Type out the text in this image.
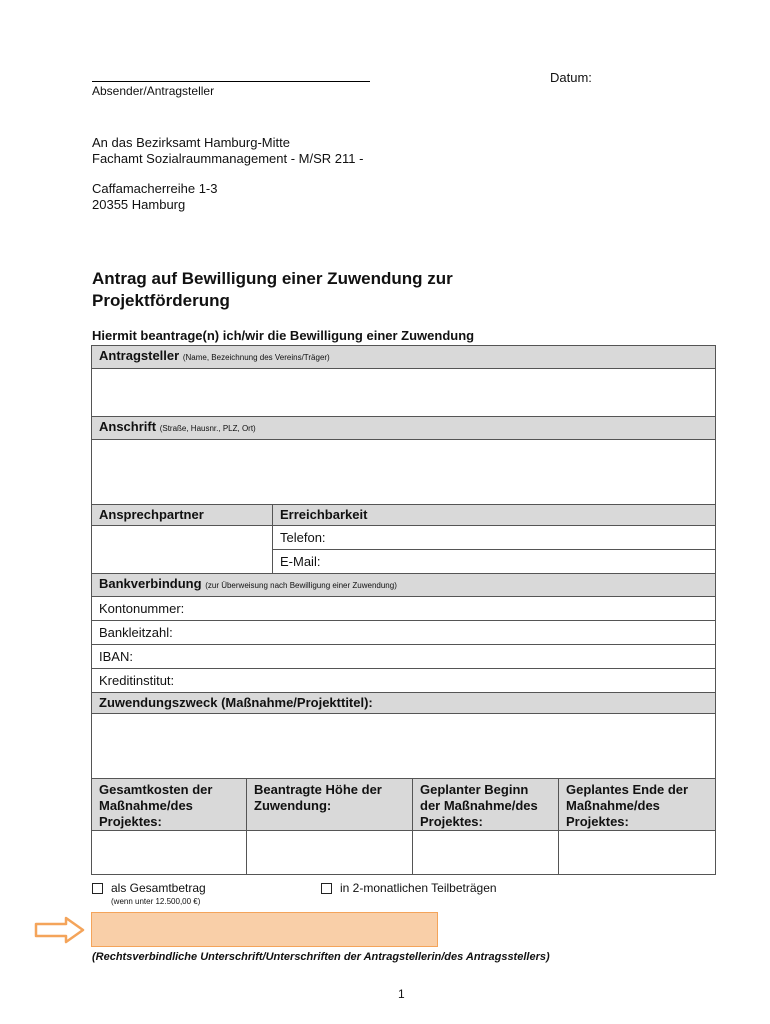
Absender/Antragsteller
Datum:
An das Bezirksamt Hamburg-Mitte
Fachamt Sozialraummanagement - M/SR 211 -
Caffamacherreihe 1-3
20355 Hamburg
Antrag auf Bewilligung einer Zuwendung zur
Projektförderung
Hiermit beantrage(n) ich/wir die Bewilligung einer Zuwendung
Antragsteller (Name, Bezeichnung des Vereins/Träger)				

Anschrift (Straße, Hausnr., PLZ, Ort)				

Ansprechpartner		Erreichbarkeit		
		Telefon:		
		E-Mail:		
Bankverbindung (zur Überweisung nach Bewilligung einer Zuwendung)				
Kontonummer:				
Bankleitzahl:				
IBAN:				
Kreditinstitut:				
Zuwendungszweck (Maßnahme/Projekttitel):				

Gesamtkosten der Maßnahme/des Projektes:	Beantragte Höhe der Zuwendung:		Geplanter Beginn der Maßnahme/des Projektes:	Geplantes Ende der Maßnahme/des Projektes:

als Gesamtbetrag
(wenn unter 12.500,00 €)
in 2-monatlichen Teilbeträgen
(Rechtsverbindliche Unterschrift/Unterschriften der Antragstellerin/des Antragsstellers)
1
